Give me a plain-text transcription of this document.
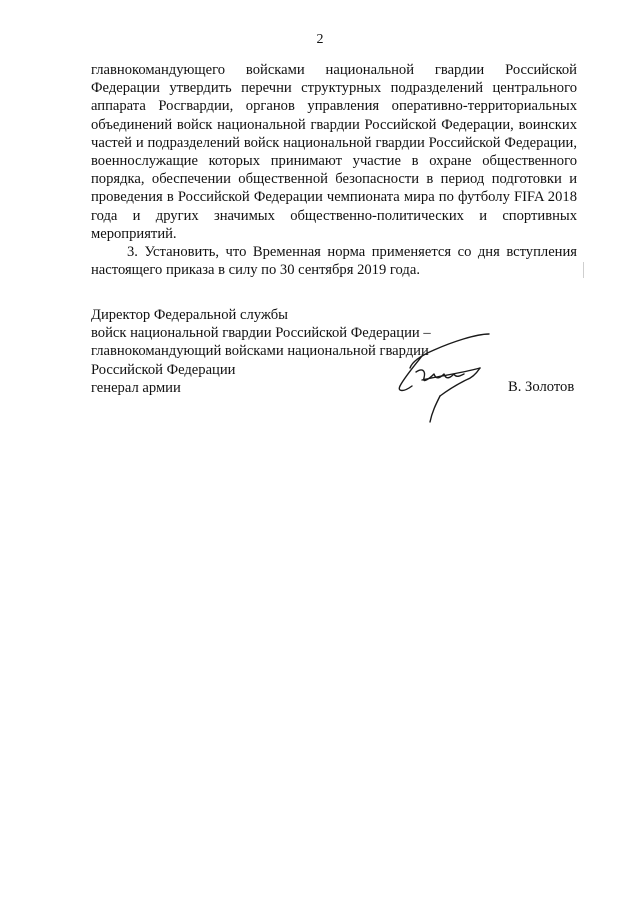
2

главнокомандующего войсками национальной гвардии Российской Федерации утвердить перечни структурных подразделений центрального аппарата Росгвардии, органов управления оперативно-территориальных объединений войск национальной гвардии Российской Федерации, воинских частей и подразделений войск национальной гвардии Российской Федерации, военнослужащие которых принимают участие в охране общественного порядка, обеспечении общественной безопасности в период подготовки и проведения в Российской Федерации чемпионата мира по футболу FIFA 2018 года и других значимых общественно-политических и спортивных мероприятий.

3. Установить, что Временная норма применяется со дня вступления настоящего приказа в силу по 30 сентября 2019 года.

Директор Федеральной службы
войск национальной гвардии Российской Федерации –
главнокомандующий войсками национальной гвардии
Российской Федерации
генерал армии	В. Золотов
